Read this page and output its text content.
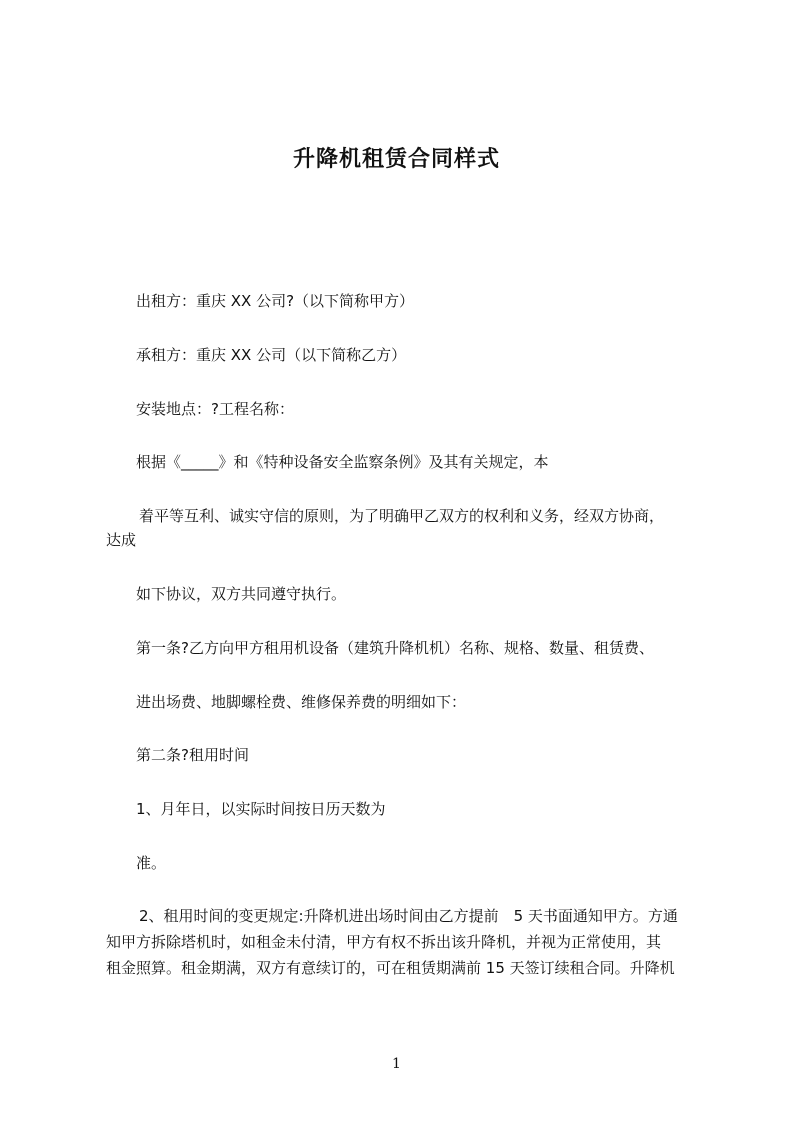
升降机租赁合同样式
出租方：重庆 XX 公司?（以下简称甲方）
承租方：重庆 XX 公司（以下简称乙方）
安装地点：?工程名称：
根据《_____》和《特种设备安全监察条例》及其有关规定，本
着平等互利、诚实守信的原则，为了明确甲乙双方的权利和义务，经双方协商，
达成
如下协议，双方共同遵守执行。
第一条?乙方向甲方租用机设备（建筑升降机机）名称、规格、数量、租赁费、
进出场费、地脚螺栓费、维修保养费的明细如下：
第二条?租用时间
1、月年日，以实际时间按日历天数为
准。
2、租用时间的变更规定:升降机进出场时间由乙方提前　5 天书面通知甲方。方通
知甲方拆除塔机时，如租金未付清，甲方有权不拆出该升降机，并视为正常使用，其
租金照算。租金期满，双方有意续订的，可在租赁期满前 15 天签订续租合同。升降机
1
